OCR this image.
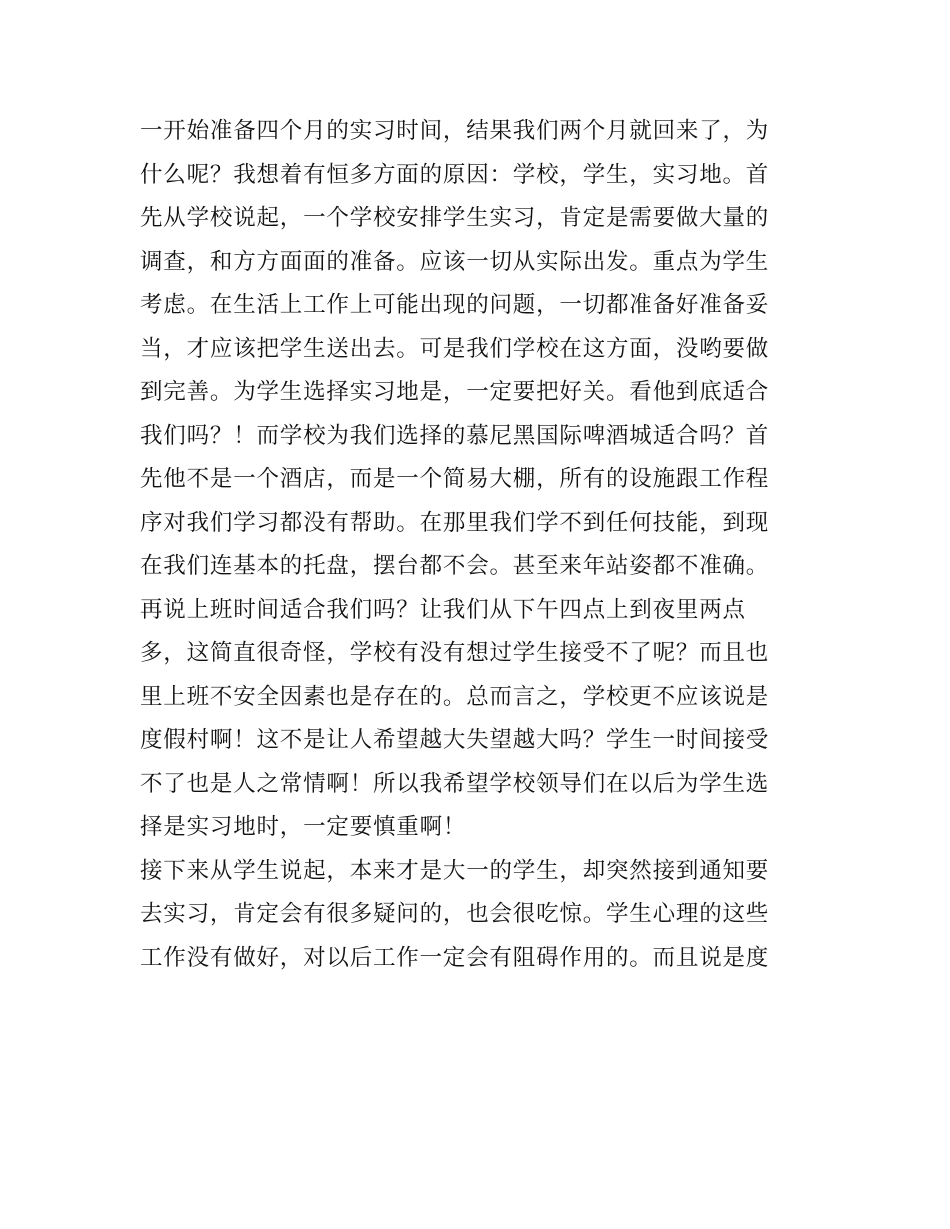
一开始准备四个月的实习时间，结果我们两个月就回来了，为

什么呢？我想着有恒多方面的原因：学校，学生，实习地。首

先从学校说起，一个学校安排学生实习，肯定是需要做大量的

调查，和方方面面的准备。应该一切从实际出发。重点为学生

考虑。在生活上工作上可能出现的问题，一切都准备好准备妥

当，才应该把学生送出去。可是我们学校在这方面，没哟要做

到完善。为学生选择实习地是，一定要把好关。看他到底适合

我们吗？！而学校为我们选择的慕尼黑国际啤酒城适合吗？首

先他不是一个酒店，而是一个简易大棚，所有的设施跟工作程

序对我们学习都没有帮助。在那里我们学不到任何技能，到现

在我们连基本的托盘，摆台都不会。甚至来年站姿都不准确。

再说上班时间适合我们吗？让我们从下午四点上到夜里两点

多，这简直很奇怪，学校有没有想过学生接受不了呢？而且也

里上班不安全因素也是存在的。总而言之，学校更不应该说是

度假村啊！这不是让人希望越大失望越大吗？学生一时间接受

不了也是人之常情啊！所以我希望学校领导们在以后为学生选

择是实习地时，一定要慎重啊！

接下来从学生说起，本来才是大一的学生，却突然接到通知要

去实习，肯定会有很多疑问的，也会很吃惊。学生心理的这些

工作没有做好，对以后工作一定会有阻碍作用的。而且说是度
